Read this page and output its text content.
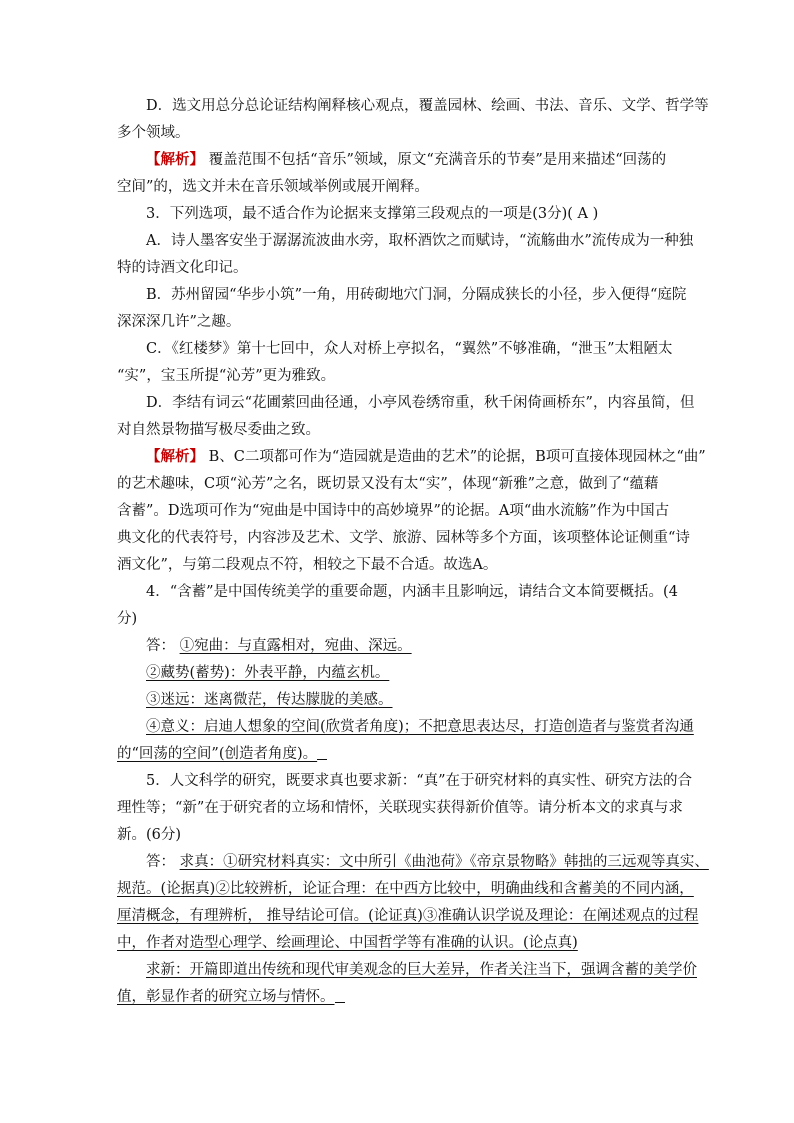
D．选文用总分总论证结构阐释核心观点，覆盖园林、绘画、书法、音乐、文学、哲学等
多个领域。
【解析】 覆盖范围不包括“音乐”领域，原文“充满音乐的节奏”是用来描述“回荡的
空间”的，选文并未在音乐领域举例或展开阐释。
3．下列选项，最不适合作为论据来支撑第三段观点的一项是(3分)( A )
A．诗人墨客安坐于潺潺流波曲水旁，取杯酒饮之而赋诗，“流觞曲水”流传成为一种独
特的诗酒文化印记。
B．苏州留园“华步小筑”一角，用砖砌地穴门洞，分隔成狭长的小径，步入便得“庭院
深深深几许”之趣。
C．《红楼梦》第十七回中，众人对桥上亭拟名，“翼然”不够准确，“泄玉”太粗陋太
“实”，宝玉所提“沁芳”更为雅致。
D．李结有词云“花圃萦回曲径通，小亭风卷绣帘重，秋千闲倚画桥东”，内容虽简，但
对自然景物描写极尽委曲之致。
【解析】 B、C二项都可作为“造园就是造曲的艺术”的论据，B项可直接体现园林之“曲”
的艺术趣味，C项“沁芳”之名，既切景又没有太“实”，体现“新雅”之意，做到了“蕴藉
含蓄”。D选项可作为“宛曲是中国诗中的高妙境界”的论据。A项“曲水流觞”作为中国古
典文化的代表符号，内容涉及艺术、文学、旅游、园林等多个方面，该项整体论证侧重“诗
酒文化”，与第二段观点不符，相较之下最不合适。故选A。
4．“含蓄”是中国传统美学的重要命题，内涵丰且影响远，请结合文本简要概括。(4
分)
答： ①宛曲：与直露相对，宛曲、深远。
②藏势(蓄势)：外表平静，内蕴玄机。
③迷远：迷离微茫，传达朦胧的美感。
④意义：启迪人想象的空间(欣赏者角度)；不把意思表达尽，打造创造者与鉴赏者沟通
的“回荡的空间”(创造者角度)。
5．人文科学的研究，既要求真也要求新：“真”在于研究材料的真实性、研究方法的合
理性等；“新”在于研究者的立场和情怀，关联现实获得新价值等。请分析本文的求真与求
新。(6分)
答： 求真：①研究材料真实：文中所引《曲池荷》《帝京景物略》韩拙的三远观等真实、
规范。(论据真)②比较辨析，论证合理：在中西方比较中，明确曲线和含蓄美的不同内涵，
厘清概念，有理辨析， 推导结论可信。(论证真)③准确认识学说及理论：在阐述观点的过程
中，作者对造型心理学、绘画理论、中国哲学等有准确的认识。(论点真)
求新：开篇即道出传统和现代审美观念的巨大差异，作者关注当下，强调含蓄的美学价
值，彰显作者的研究立场与情怀。
